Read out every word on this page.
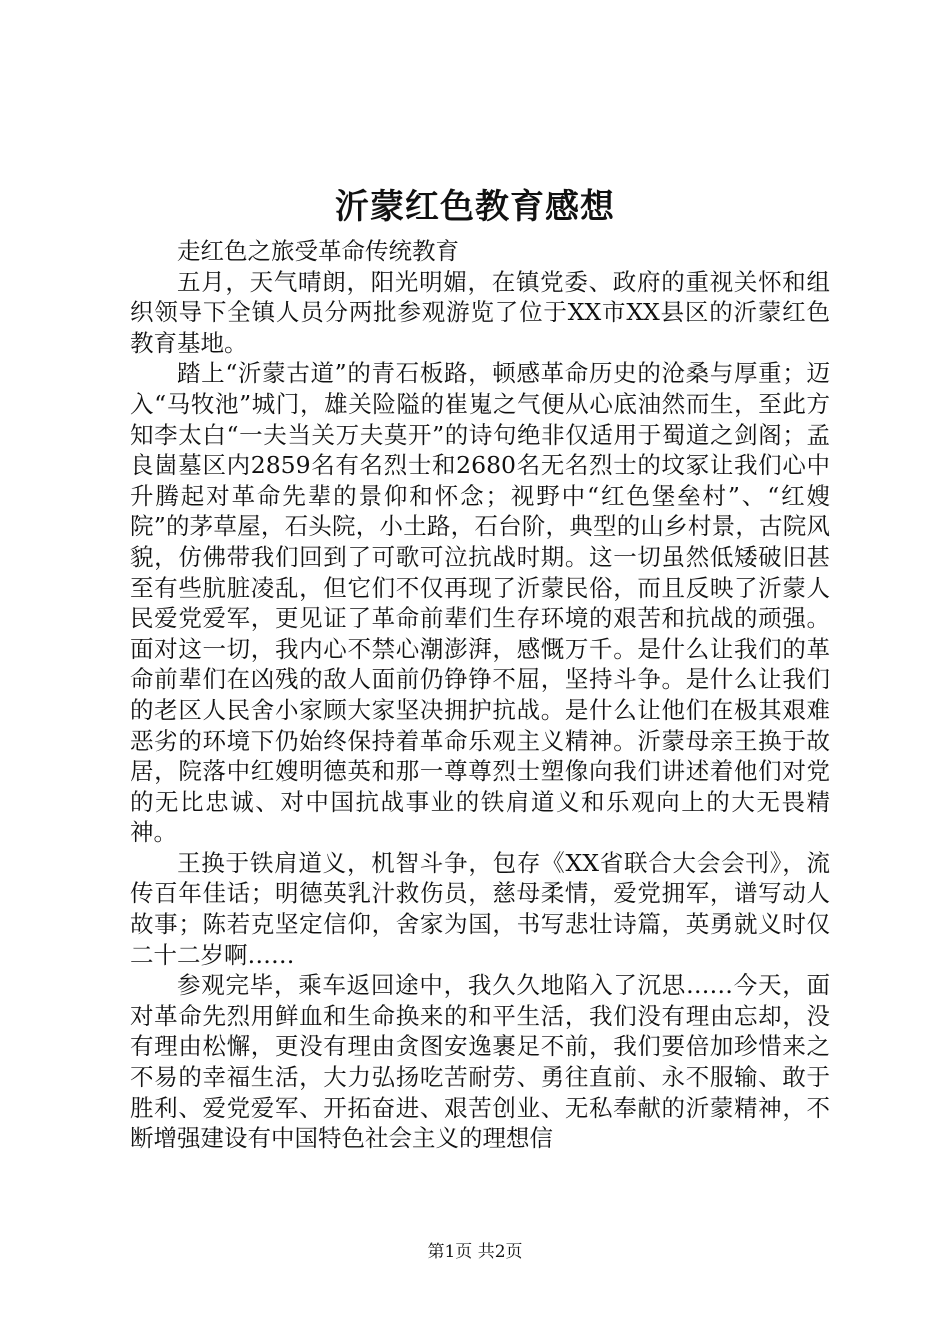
沂蒙红色教育感想

走红色之旅受革命传统教育

五月，天气晴朗，阳光明媚，在镇党委、政府的重视关怀和组织领导下全镇人员分两批参观游览了位于XX市XX县区的沂蒙红色教育基地。

踏上“沂蒙古道”的青石板路，顿感革命历史的沧桑与厚重；迈入“马牧池”城门，雄关险隘的崔嵬之气便从心底油然而生，至此方知李太白“一夫当关万夫莫开”的诗句绝非仅适用于蜀道之剑阁；孟良崮墓区内2859名有名烈士和2680名无名烈士的坟冢让我们心中升腾起对革命先辈的景仰和怀念；视野中“红色堡垒村”、“红嫂院”的茅草屋，石头院，小土路，石台阶，典型的山乡村景，古院风貌，仿佛带我们回到了可歌可泣抗战时期。这一切虽然低矮破旧甚至有些肮脏凌乱，但它们不仅再现了沂蒙民俗，而且反映了沂蒙人民爱党爱军，更见证了革命前辈们生存环境的艰苦和抗战的顽强。面对这一切，我内心不禁心潮澎湃，感慨万千。是什么让我们的革命前辈们在凶残的敌人面前仍铮铮不屈，坚持斗争。是什么让我们的老区人民舍小家顾大家坚决拥护抗战。是什么让他们在极其艰难恶劣的环境下仍始终保持着革命乐观主义精神。沂蒙母亲王换于故居，院落中红嫂明德英和那一尊尊烈士塑像向我们讲述着他们对党的无比忠诚、对中国抗战事业的铁肩道义和乐观向上的大无畏精神。

王换于铁肩道义，机智斗争，包存《XX省联合大会会刊》，流传百年佳话；明德英乳汁救伤员，慈母柔情，爱党拥军，谱写动人故事；陈若克坚定信仰，舍家为国，书写悲壮诗篇，英勇就义时仅二十二岁啊……

参观完毕，乘车返回途中，我久久地陷入了沉思……今天，面对革命先烈用鲜血和生命换来的和平生活，我们没有理由忘却，没有理由松懈，更没有理由贪图安逸裹足不前，我们要倍加珍惜来之不易的幸福生活，大力弘扬吃苦耐劳、勇往直前、永不服输、敢于胜利、爱党爱军、开拓奋进、艰苦创业、无私奉献的沂蒙精神，不断增强建设有中国特色社会主义的理想信

第1页 共2页
